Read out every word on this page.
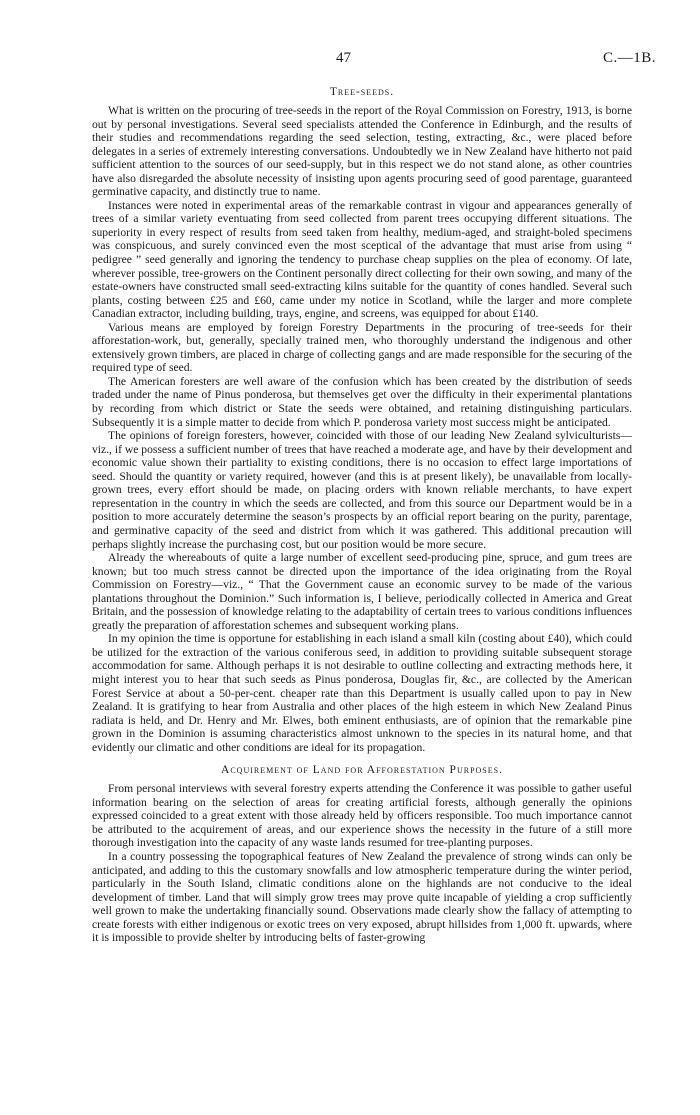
47	C.—1B.
Tree-seeds.

What is written on the procuring of tree-seeds in the report of the Royal Commission on Forestry, 1913, is borne out by personal investigations. Several seed specialists attended the Conference in Edinburgh, and the results of their studies and recommendations regarding the seed selection, testing, extracting, &c., were placed before delegates in a series of extremely interesting conversations. Undoubtedly we in New Zealand have hitherto not paid sufficient attention to the sources of our seed-supply, but in this respect we do not stand alone, as other countries have also disregarded the absolute necessity of insisting upon agents procuring seed of good parentage, guaranteed germinative capacity, and distinctly true to name.

Instances were noted in experimental areas of the remarkable contrast in vigour and appearances generally of trees of a similar variety eventuating from seed collected from parent trees occupying different situations. The superiority in every respect of results from seed taken from healthy, medium-aged, and straight-boled specimens was conspicuous, and surely convinced even the most sceptical of the advantage that must arise from using “ pedigree ” seed generally and ignoring the tendency to purchase cheap supplies on the plea of economy. Of late, wherever possible, tree-growers on the Continent personally direct collecting for their own sowing, and many of the estate-owners have constructed small seed-extracting kilns suitable for the quantity of cones handled. Several such plants, costing between £25 and £60, came under my notice in Scotland, while the larger and more complete Canadian extractor, including building, trays, engine, and screens, was equipped for about £140.

Various means are employed by foreign Forestry Departments in the procuring of tree-seeds for their afforestation-work, but, generally, specially trained men, who thoroughly understand the indigenous and other extensively grown timbers, are placed in charge of collecting gangs and are made responsible for the securing of the required type of seed.

The American foresters are well aware of the confusion which has been created by the distribution of seeds traded under the name of Pinus ponderosa, but themselves get over the difficulty in their experimental plantations by recording from which district or State the seeds were obtained, and retaining distinguishing particulars. Subsequently it is a simple matter to decide from which P. ponderosa variety most success might be anticipated.

The opinions of foreign foresters, however, coincided with those of our leading New Zealand sylviculturists—viz., if we possess a sufficient number of trees that have reached a moderate age, and have by their development and economic value shown their partiality to existing conditions, there is no occasion to effect large importations of seed. Should the quantity or variety required, however (and this is at present likely), be unavailable from locally-grown trees, every effort should be made, on placing orders with known reliable merchants, to have expert representation in the country in which the seeds are collected, and from this source our Department would be in a position to more accurately determine the season’s prospects by an official report bearing on the purity, parentage, and germinative capacity of the seed and district from which it was gathered. This additional precaution will perhaps slightly increase the purchasing cost, but our position would be more secure.

Already the whereabouts of quite a large number of excellent seed-producing pine, spruce, and gum trees are known; but too much stress cannot be directed upon the importance of the idea originating from the Royal Commission on Forestry—viz., “ That the Government cause an economic survey to be made of the various plantations throughout the Dominion.” Such information is, I believe, periodically collected in America and Great Britain, and the possession of knowledge relating to the adaptability of certain trees to various conditions influences greatly the preparation of afforestation schemes and subsequent working plans.

In my opinion the time is opportune for establishing in each island a small kiln (costing about £40), which could be utilized for the extraction of the various coniferous seed, in addition to providing suitable subsequent storage accommodation for same. Although perhaps it is not desirable to outline collecting and extracting methods here, it might interest you to hear that such seeds as Pinus ponderosa, Douglas fir, &c., are collected by the American Forest Service at about a 50-per-cent. cheaper rate than this Department is usually called upon to pay in New Zealand. It is gratifying to hear from Australia and other places of the high esteem in which New Zealand Pinus radiata is held, and Dr. Henry and Mr. Elwes, both eminent enthusiasts, are of opinion that the remarkable pine grown in the Dominion is assuming characteristics almost unknown to the species in its natural home, and that evidently our climatic and other conditions are ideal for its propagation.

Acquirement of Land for Afforestation Purposes.

From personal interviews with several forestry experts attending the Conference it was possible to gather useful information bearing on the selection of areas for creating artificial forests, although generally the opinions expressed coincided to a great extent with those already held by officers responsible. Too much importance cannot be attributed to the acquirement of areas, and our experience shows the necessity in the future of a still more thorough investigation into the capacity of any waste lands resumed for tree-planting purposes.

In a country possessing the topographical features of New Zealand the prevalence of strong winds can only be anticipated, and adding to this the customary snowfalls and low atmospheric temperature during the winter period, particularly in the South Island, climatic conditions alone on the highlands are not conducive to the ideal development of timber. Land that will simply grow trees may prove quite incapable of yielding a crop sufficiently well grown to make the undertaking financially sound. Observations made clearly show the fallacy of attempting to create forests with either indigenous or exotic trees on very exposed, abrupt hillsides from 1,000 ft. upwards, where it is impossible to provide shelter by introducing belts of faster-growing
